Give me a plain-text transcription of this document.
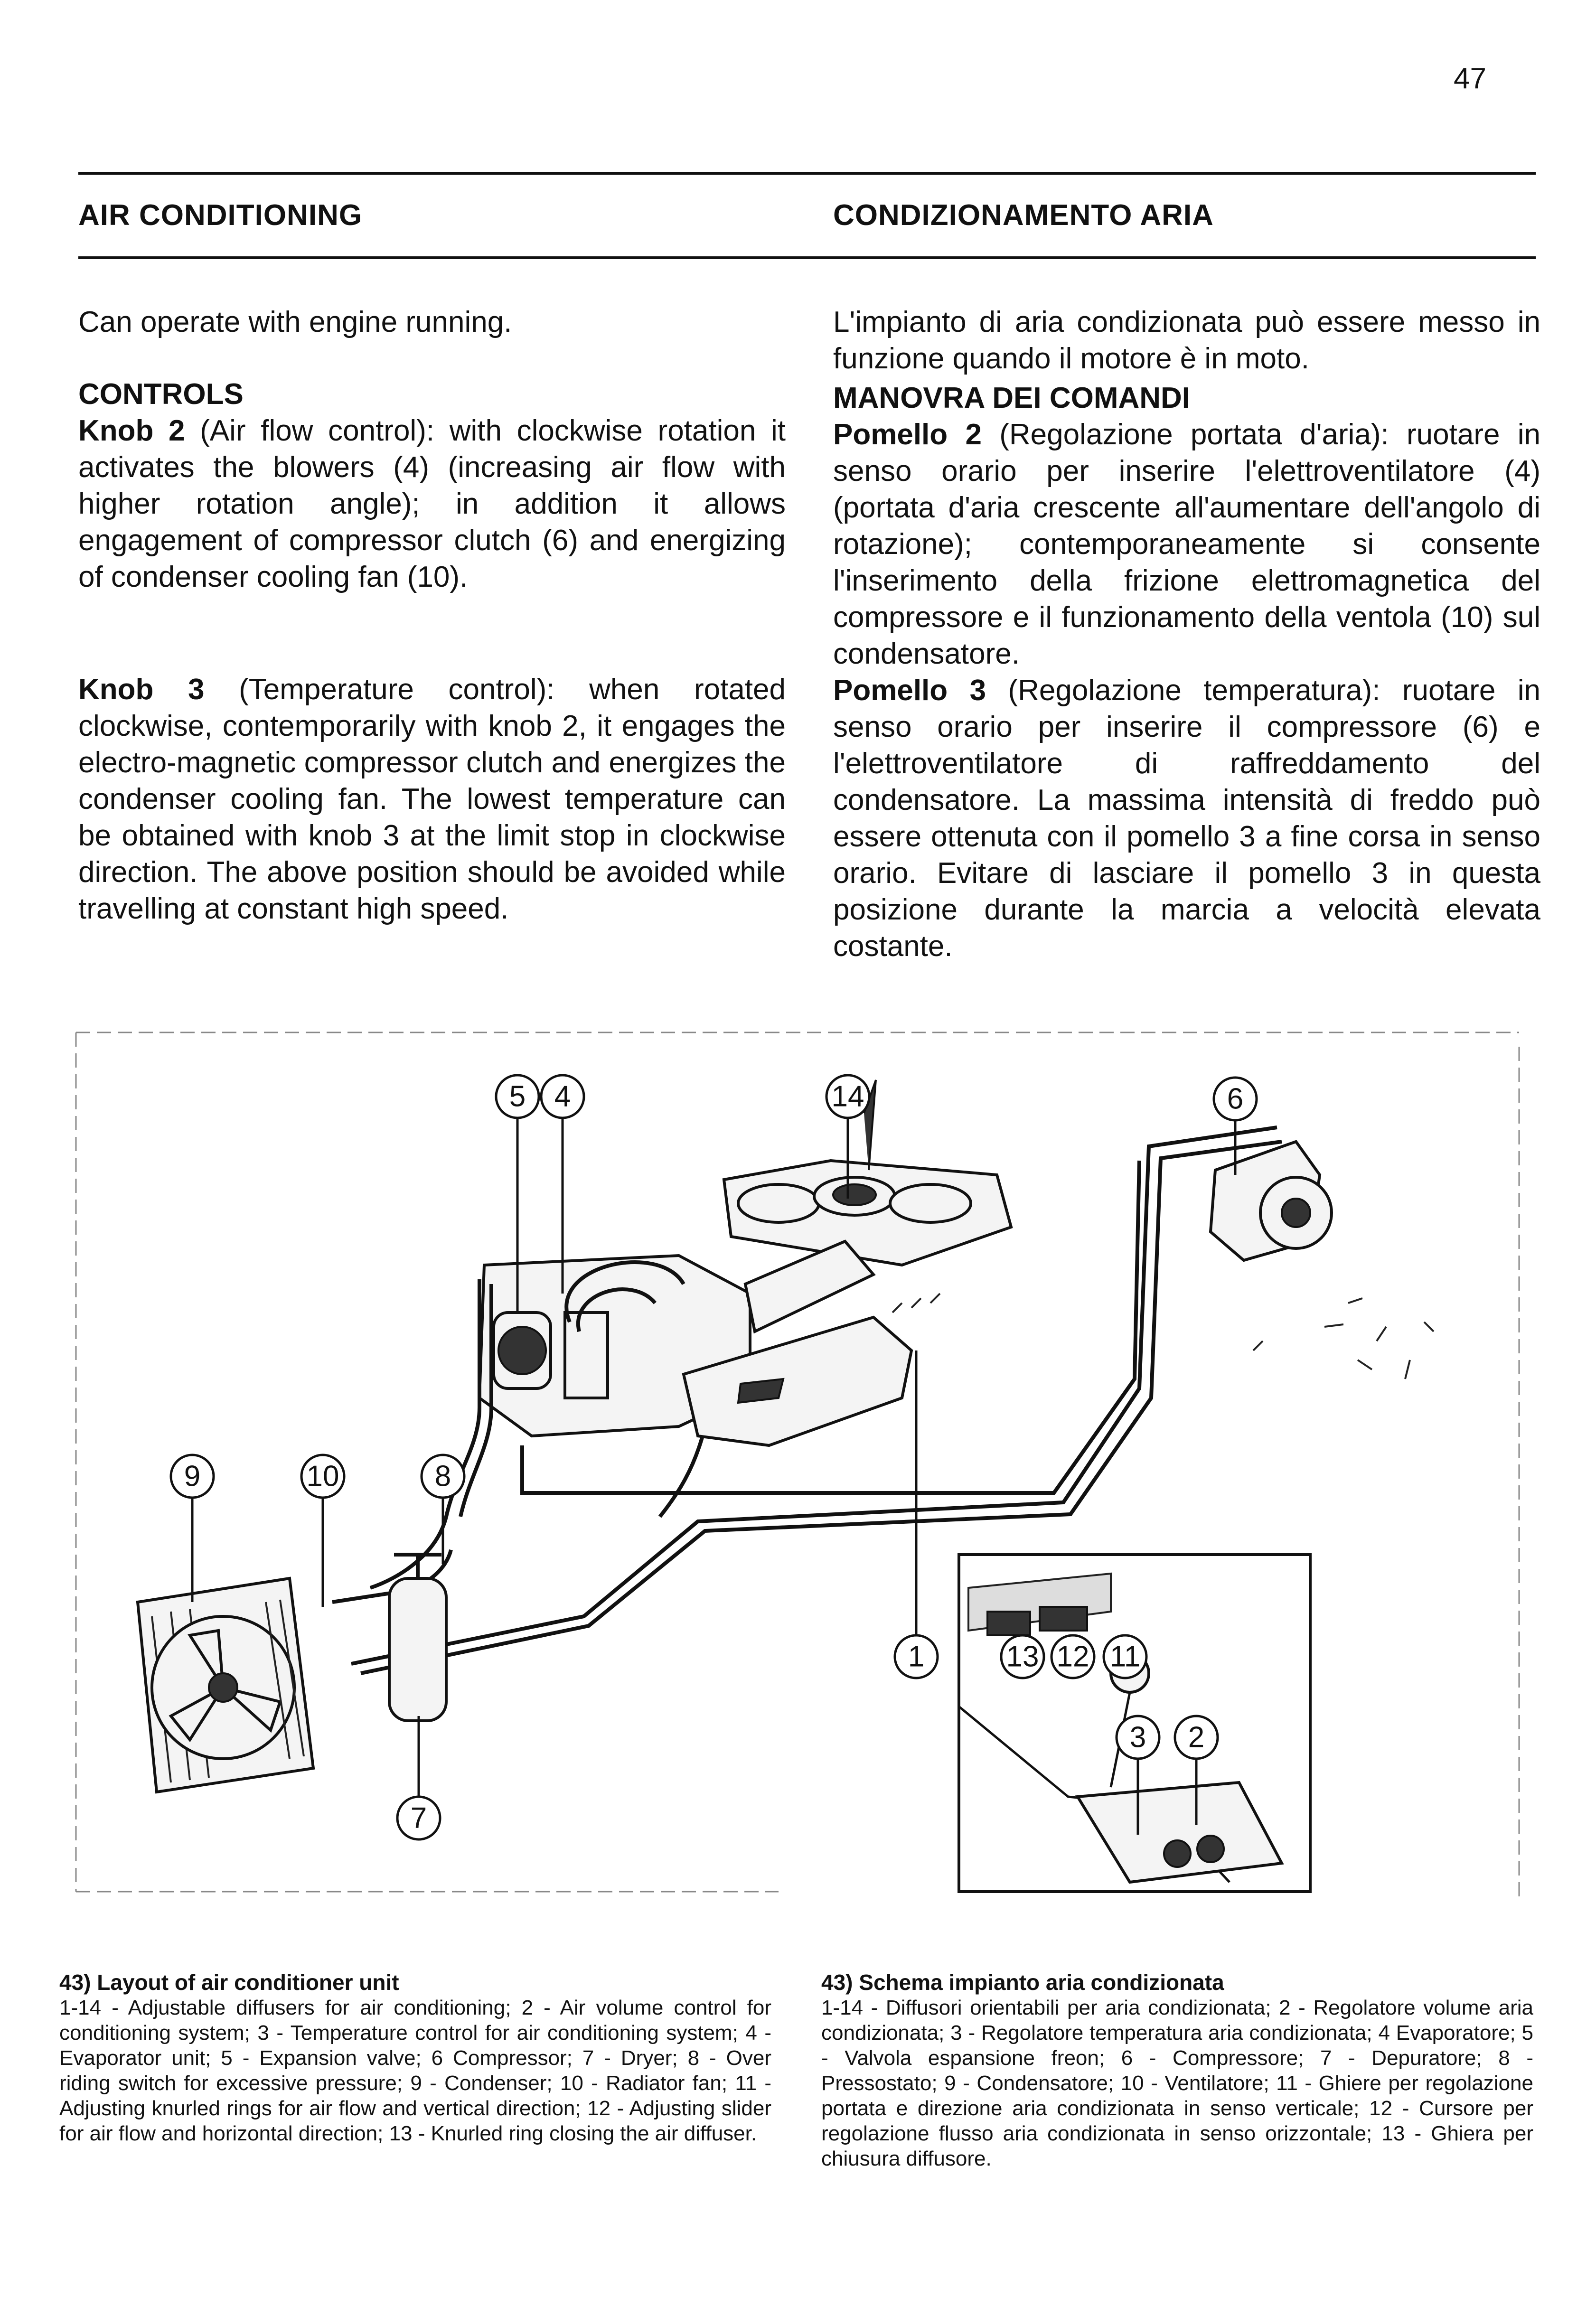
47
AIR CONDITIONING	CONDIZIONAMENTO ARIA

Can operate with engine running.

CONTROLS

Knob 2 (Air flow control): with clockwise rotation it activates the blowers (4) (increasing air flow with higher rotation angle); in addition it allows engagement of compressor clutch (6) and energizing of condenser cooling fan (10).

Knob 3 (Temperature control): when rotated clockwise, contemporarily with knob 2, it engages the electro-magnetic compressor clutch and energizes the condenser cooling fan. The lowest temperature can be obtained with knob 3 at the limit stop in clockwise direction. The above position should be avoided while travelling at constant high speed.

L'impianto di aria condizionata può essere messo in funzione quando il motore è in moto.

MANOVRA DEI COMANDI

Pomello 2 (Regolazione portata d'aria): ruotare in senso orario per inserire l'elettroventilatore (4) (portata d'aria crescente all'aumentare dell'angolo di rotazione); contemporaneamente si consente l'inserimento della frizione elettromagnetica del compressore e il funzionamento della ventola (10) sul condensatore.

Pomello 3 (Regolazione temperatura): ruotare in senso orario per inserire il compressore (6) e l'elettroventilatore di raffreddamento del condensatore. La massima intensità di freddo può essere ottenuta con il pomello 3 a fine corsa in senso orario. Evitare di lasciare il pomello 3 in questa posizione durante la marcia a velocità elevata costante.

5 4	14	6
9	10	8
1	13 12 11
3 2
7
43) Layout of air conditioner unit
1-14 - Adjustable diffusers for air conditioning; 2 - Air volume control for conditioning system; 3 - Temperature control for air conditioning system; 4 - Evaporator unit; 5 - Expansion valve; 6 Compressor; 7 - Dryer; 8 - Over riding switch for excessive pressure; 9 - Condenser; 10 - Radiator fan; 11 - Adjusting knurled rings for air flow and vertical direction; 12 - Adjusting slider for air flow and horizontal direction; 13 - Knurled ring closing the air diffuser.
43) Schema impianto aria condizionata
1-14 - Diffusori orientabili per aria condizionata; 2 - Regolatore volume aria condizionata; 3 - Regolatore temperatura aria condizionata; 4 Evaporatore; 5 - Valvola espansione freon; 6 - Compressore; 7 - Depuratore; 8 - Pressostato; 9 - Condensatore; 10 - Ventilatore; 11 - Ghiere per regolazione portata e direzione aria condizionata in senso verticale; 12 - Cursore per regolazione flusso aria condizionata in senso orizzontale; 13 - Ghiera per chiusura diffusore.
